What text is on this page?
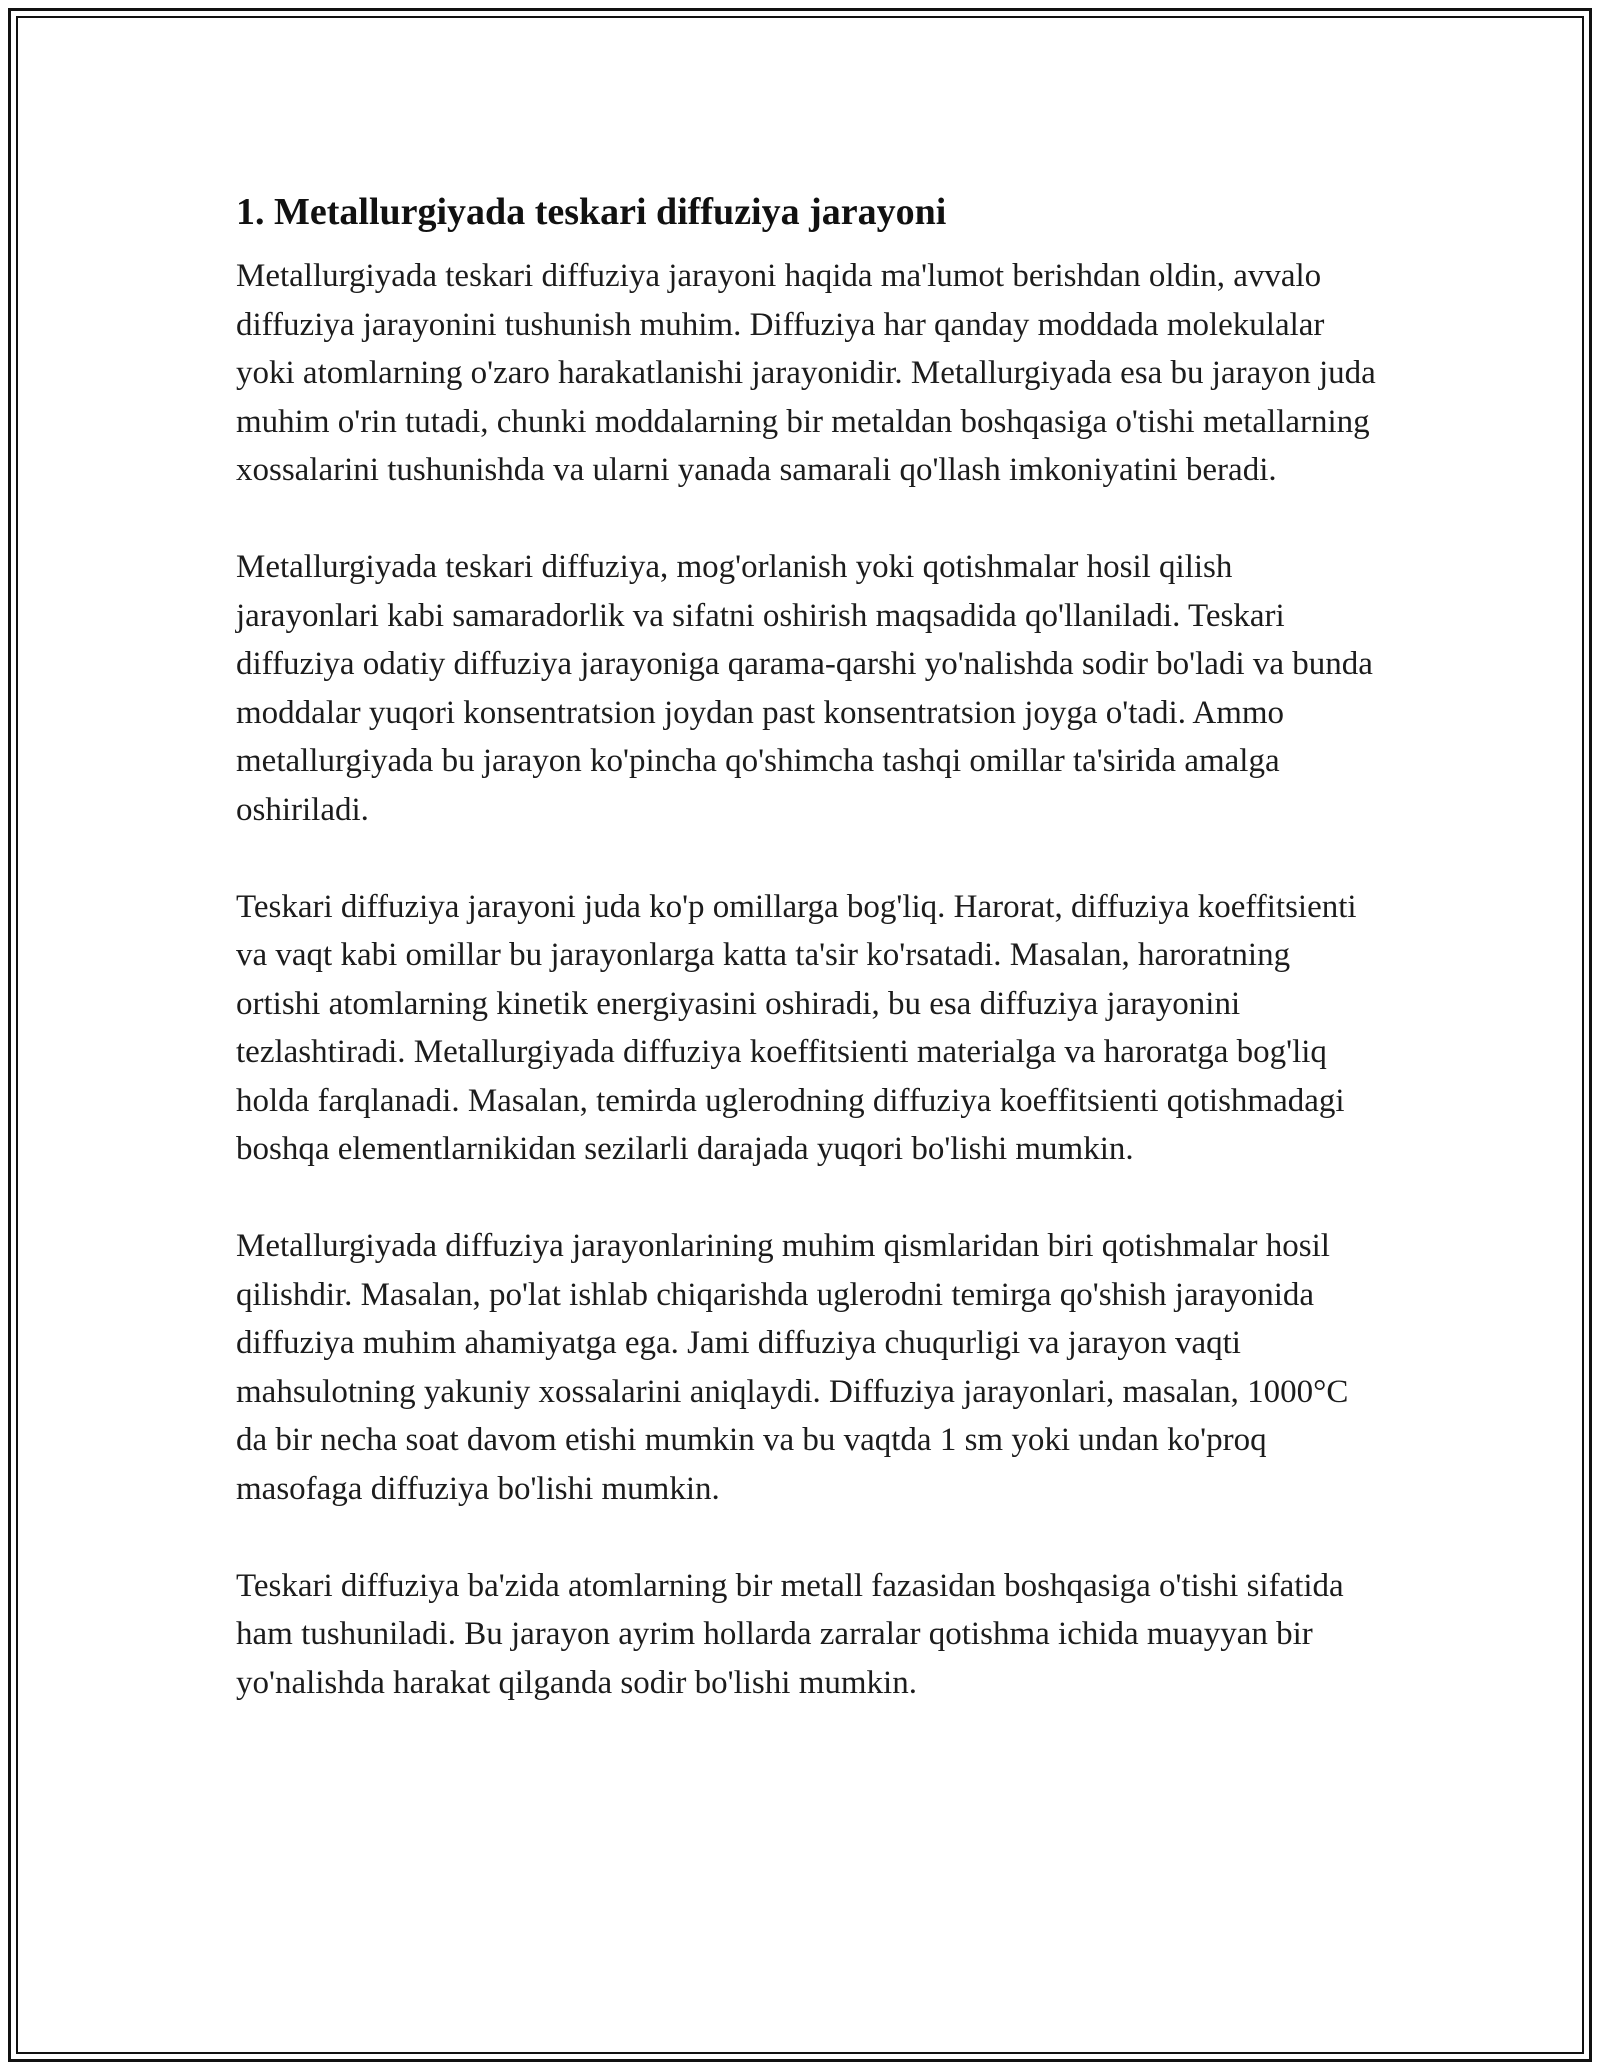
1. Metallurgiyada teskari diffuziya jarayoni

Metallurgiyada teskari diffuziya jarayoni haqida ma'lumot berishdan oldin, avvalo diffuziya jarayonini tushunish muhim. Diffuziya har qanday moddada molekulalar yoki atomlarning o'zaro harakatlanishi jarayonidir. Metallurgiyada esa bu jarayon juda muhim o'rin tutadi, chunki moddalarning bir metaldan boshqasiga o'tishi metallarning xossalarini tushunishda va ularni yanada samarali qo'llash imkoniyatini beradi.

Metallurgiyada teskari diffuziya, mog'orlanish yoki qotishmalar hosil qilish jarayonlari kabi samaradorlik va sifatni oshirish maqsadida qo'llaniladi. Teskari diffuziya odatiy diffuziya jarayoniga qarama-qarshi yo'nalishda sodir bo'ladi va bunda moddalar yuqori konsentratsion joydan past konsentratsion joyga o'tadi. Ammo metallurgiyada bu jarayon ko'pincha qo'shimcha tashqi omillar ta'sirida amalga oshiriladi.

Teskari diffuziya jarayoni juda ko'p omillarga bog'liq. Harorat, diffuziya koeffitsienti va vaqt kabi omillar bu jarayonlarga katta ta'sir ko'rsatadi. Masalan, haroratning ortishi atomlarning kinetik energiyasini oshiradi, bu esa diffuziya jarayonini tezlashtiradi. Metallurgiyada diffuziya koeffitsienti materialga va haroratga bog'liq holda farqlanadi. Masalan, temirda uglerodning diffuziya koeffitsienti qotishmadagi boshqa elementlarnikidan sezilarli darajada yuqori bo'lishi mumkin.

Metallurgiyada diffuziya jarayonlarining muhim qismlaridan biri qotishmalar hosil qilishdir. Masalan, po'lat ishlab chiqarishda uglerodni temirga qo'shish jarayonida diffuziya muhim ahamiyatga ega. Jami diffuziya chuqurligi va jarayon vaqti mahsulotning yakuniy xossalarini aniqlaydi. Diffuziya jarayonlari, masalan, 1000°C da bir necha soat davom etishi mumkin va bu vaqtda 1 sm yoki undan ko'proq masofaga diffuziya bo'lishi mumkin.

Teskari diffuziya ba'zida atomlarning bir metall fazasidan boshqasiga o'tishi sifatida ham tushuniladi. Bu jarayon ayrim hollarda zarralar qotishma ichida muayyan bir yo'nalishda harakat qilganda sodir bo'lishi mumkin.
